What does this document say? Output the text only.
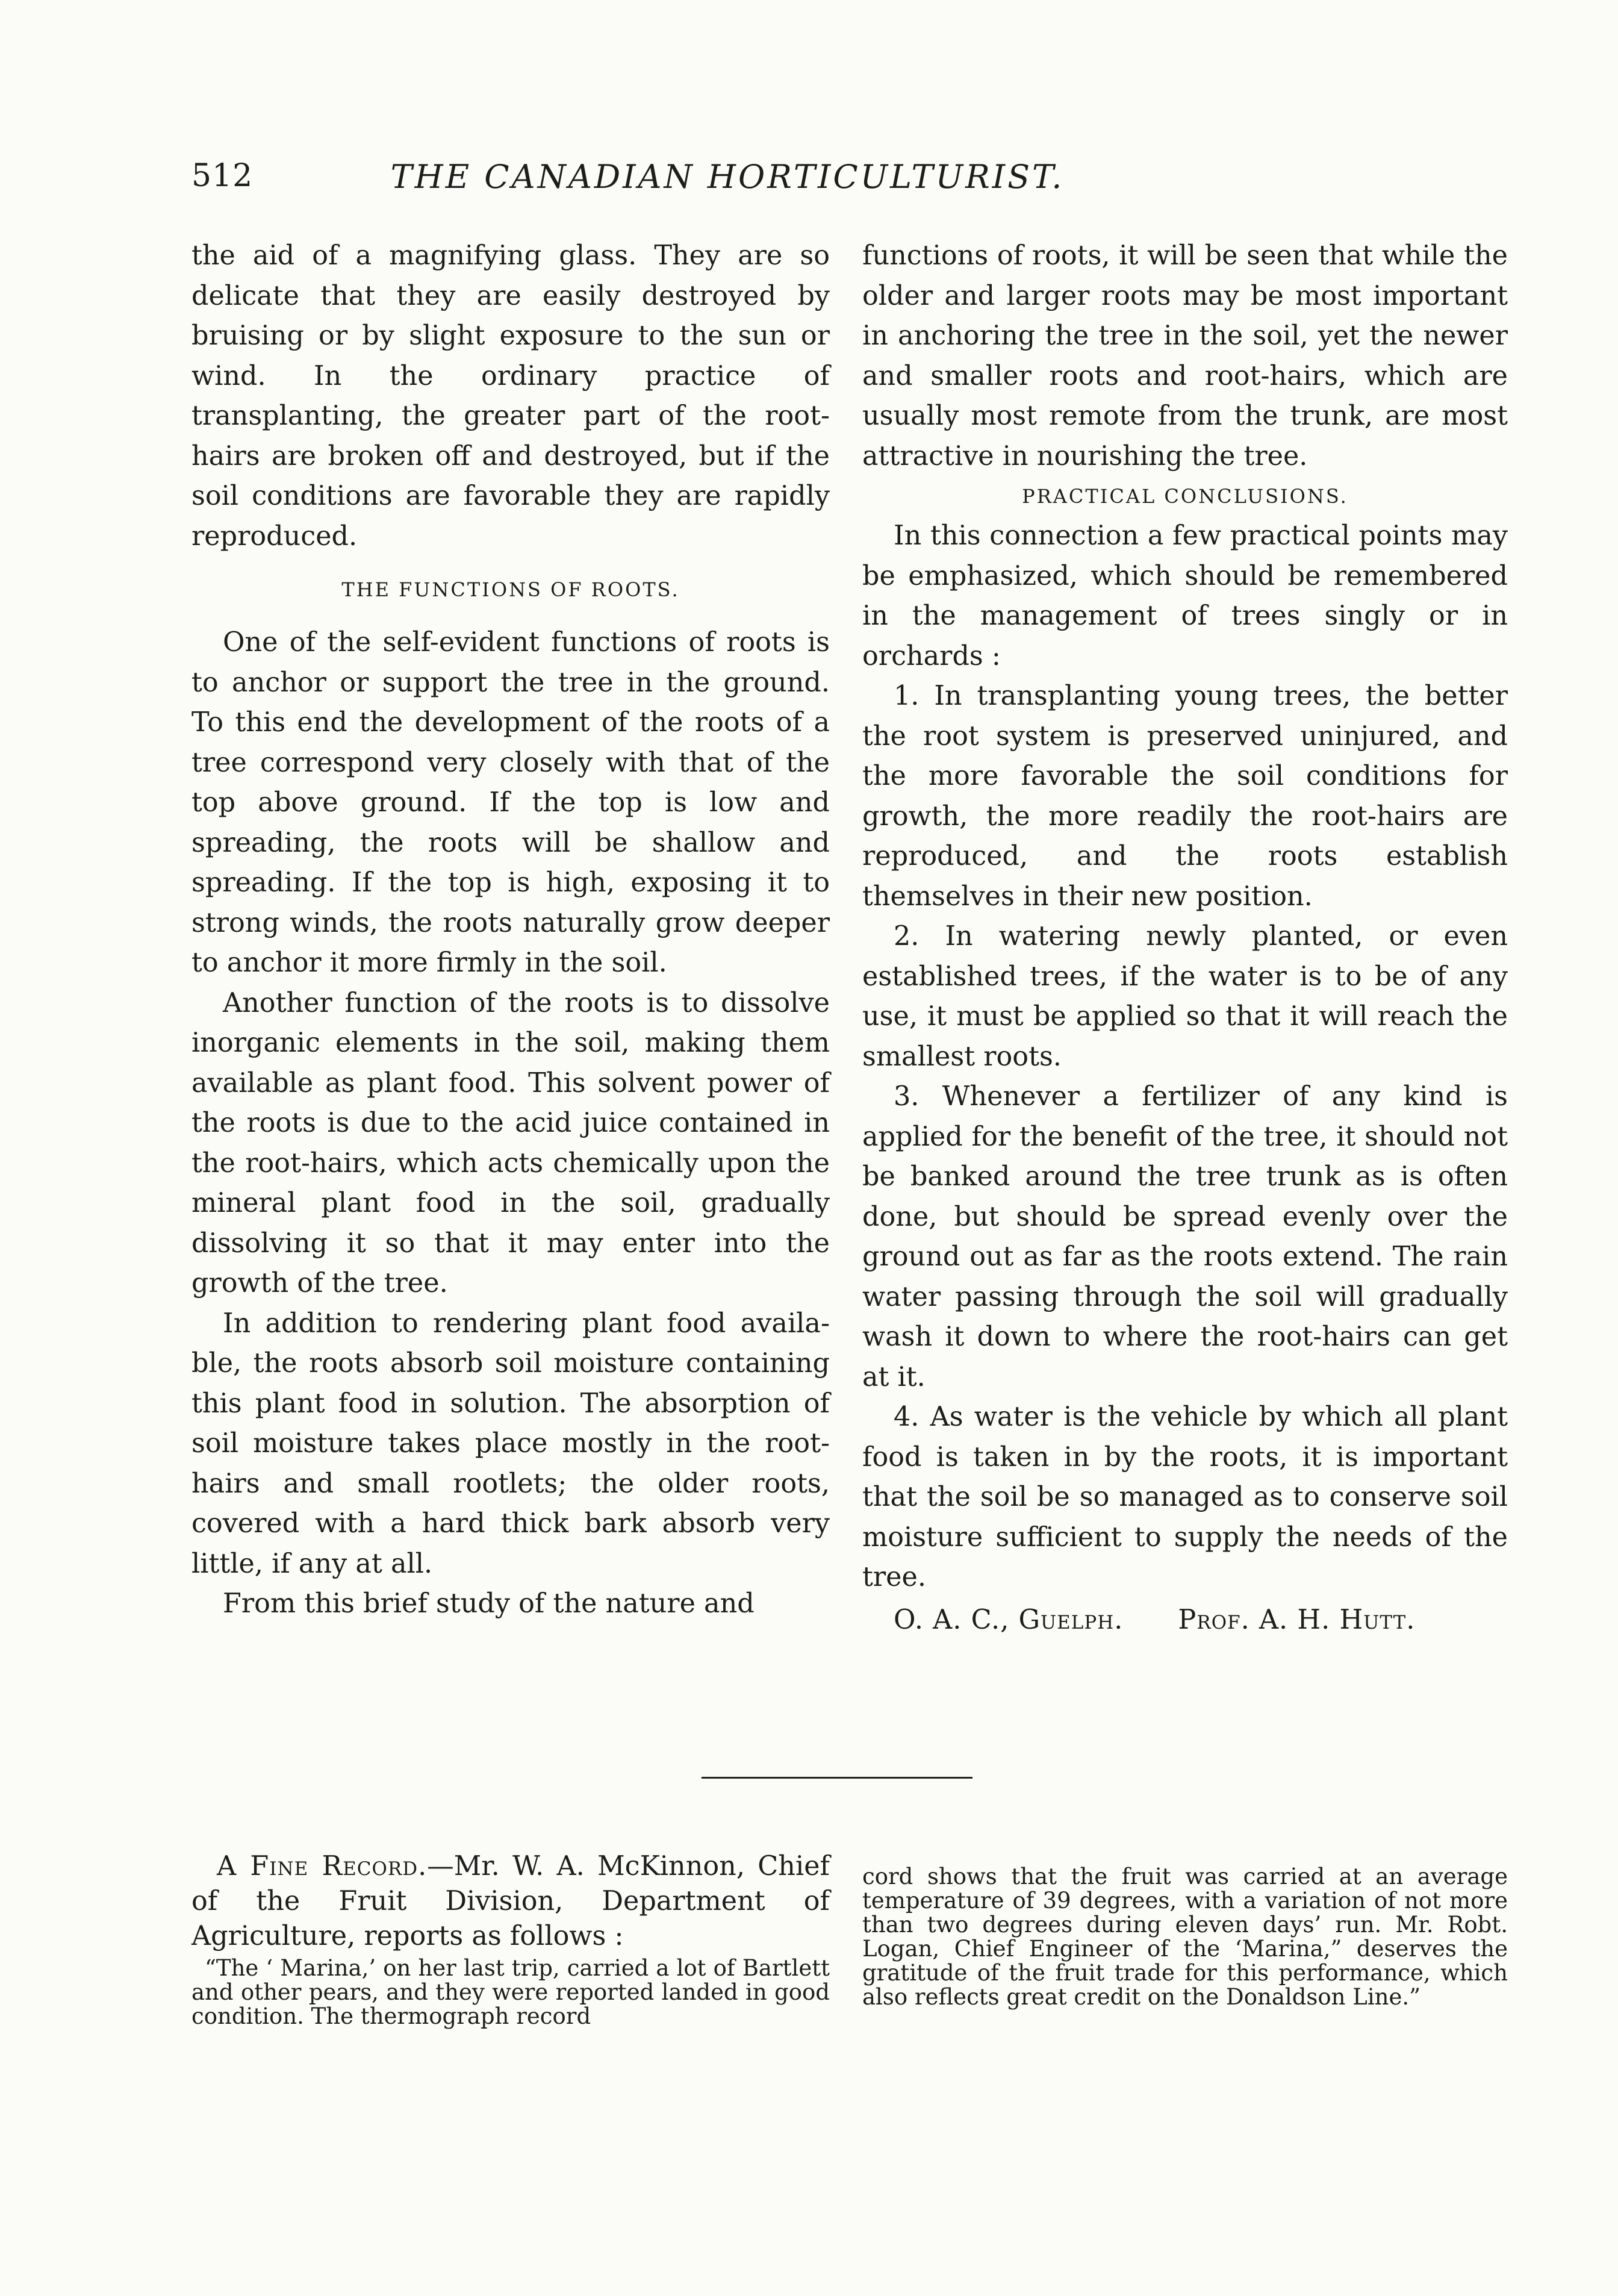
512	THE CANADIAN HORTICULTURIST.

the aid of a magnifying glass. They are so delicate that they are easily destroyed by bruising or by slight exposure to the sun or wind. In the ordinary practice of transplanting, the greater part of the root-hairs are broken off and destroyed, but if the soil conditions are favorable they are rapidly reproduced.

THE FUNCTIONS OF ROOTS.

One of the self-evident functions of roots is to anchor or support the tree in the ground. To this end the development of the roots of a tree correspond very closely with that of the top above ground. If the top is low and spreading, the roots will be shallow and spreading. If the top is high, exposing it to strong winds, the roots naturally grow deeper to anchor it more firmly in the soil.

Another function of the roots is to dissolve inorganic elements in the soil, making them available as plant food. This solvent power of the roots is due to the acid juice contained in the root-hairs, which acts chemically upon the mineral plant food in the soil, gradually dissolving it so that it may enter into the growth of the tree.

In addition to rendering plant food available, the roots absorb soil moisture containing this plant food in solution. The absorption of soil moisture takes place mostly in the root-hairs and small rootlets; the older roots, covered with a hard thick bark absorb very little, if any at all.

From this brief study of the nature and

functions of roots, it will be seen that while the older and larger roots may be most important in anchoring the tree in the soil, yet the newer and smaller roots and root-hairs, which are usually most remote from the trunk, are most attractive in nourishing the tree.

PRACTICAL CONCLUSIONS.

In this connection a few practical points may be emphasized, which should be remembered in the management of trees singly or in orchards :

1. In transplanting young trees, the better the root system is preserved uninjured, and the more favorable the soil conditions for growth, the more readily the root-hairs are reproduced, and the roots establish themselves in their new position.

2. In watering newly planted, or even established trees, if the water is to be of any use, it must be applied so that it will reach the smallest roots.

3. Whenever a fertilizer of any kind is applied for the benefit of the tree, it should not be banked around the tree trunk as is often done, but should be spread evenly over the ground out as far as the roots extend. The rain water passing through the soil will gradually wash it down to where the root-hairs can get at it.

4. As water is the vehicle by which all plant food is taken in by the roots, it is important that the soil be so managed as to conserve soil moisture sufficient to supply the needs of the tree.

O. A. C., Guelph.  Prof. A. H. Hutt.

A Fine Record.—Mr. W. A. McKinnon, Chief of the Fruit Division, Department of Agriculture, reports as follows :

“The ‘ Marina,’ on her last trip, carried a lot of Bartlett and other pears, and they were reported landed in good condition. The thermograph record

cord shows that the fruit was carried at an average temperature of 39 degrees, with a variation of not more than two degrees during eleven days’ run. Mr. Robt. Logan, Chief Engineer of the ‘Marina,” deserves the gratitude of the fruit trade for this performance, which also reflects great credit on the Donaldson Line.”
